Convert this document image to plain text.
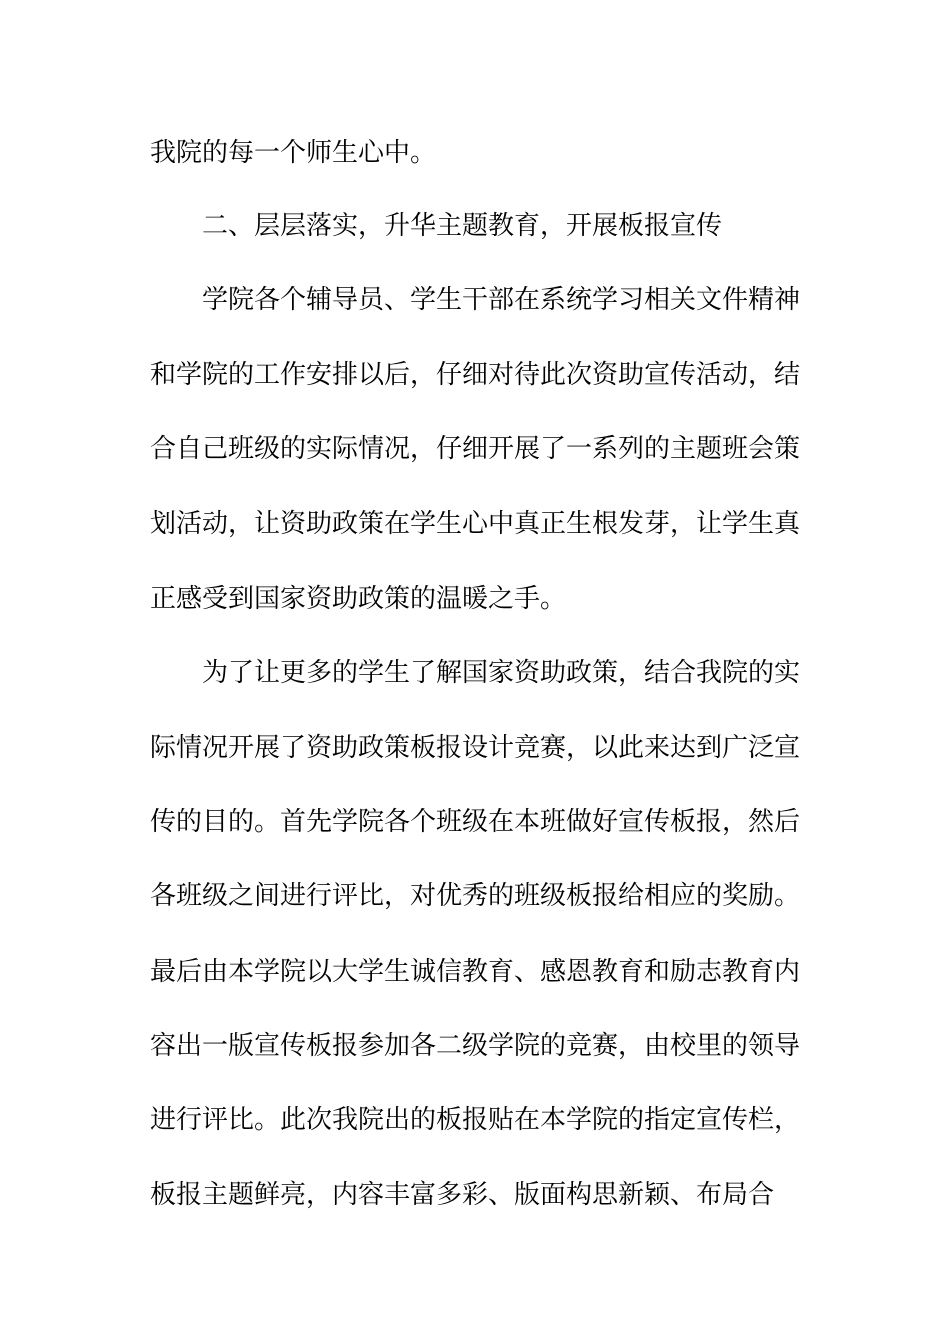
我院的每一个师生心中。
二、层层落实，升华主题教育，开展板报宣传
学院各个辅导员、学生干部在系统学习相关文件精神
和学院的工作安排以后，仔细对待此次资助宣传活动，结
合自己班级的实际情况，仔细开展了一系列的主题班会策
划活动，让资助政策在学生心中真正生根发芽，让学生真
正感受到国家资助政策的温暖之手。
为了让更多的学生了解国家资助政策，结合我院的实
际情况开展了资助政策板报设计竞赛，以此来达到广泛宣
传的目的。首先学院各个班级在本班做好宣传板报，然后
各班级之间进行评比，对优秀的班级板报给相应的奖励。
最后由本学院以大学生诚信教育、感恩教育和励志教育内
容出一版宣传板报参加各二级学院的竞赛，由校里的领导
进行评比。此次我院出的板报贴在本学院的指定宣传栏，
板报主题鲜亮，内容丰富多彩、版面构思新颖、布局合
